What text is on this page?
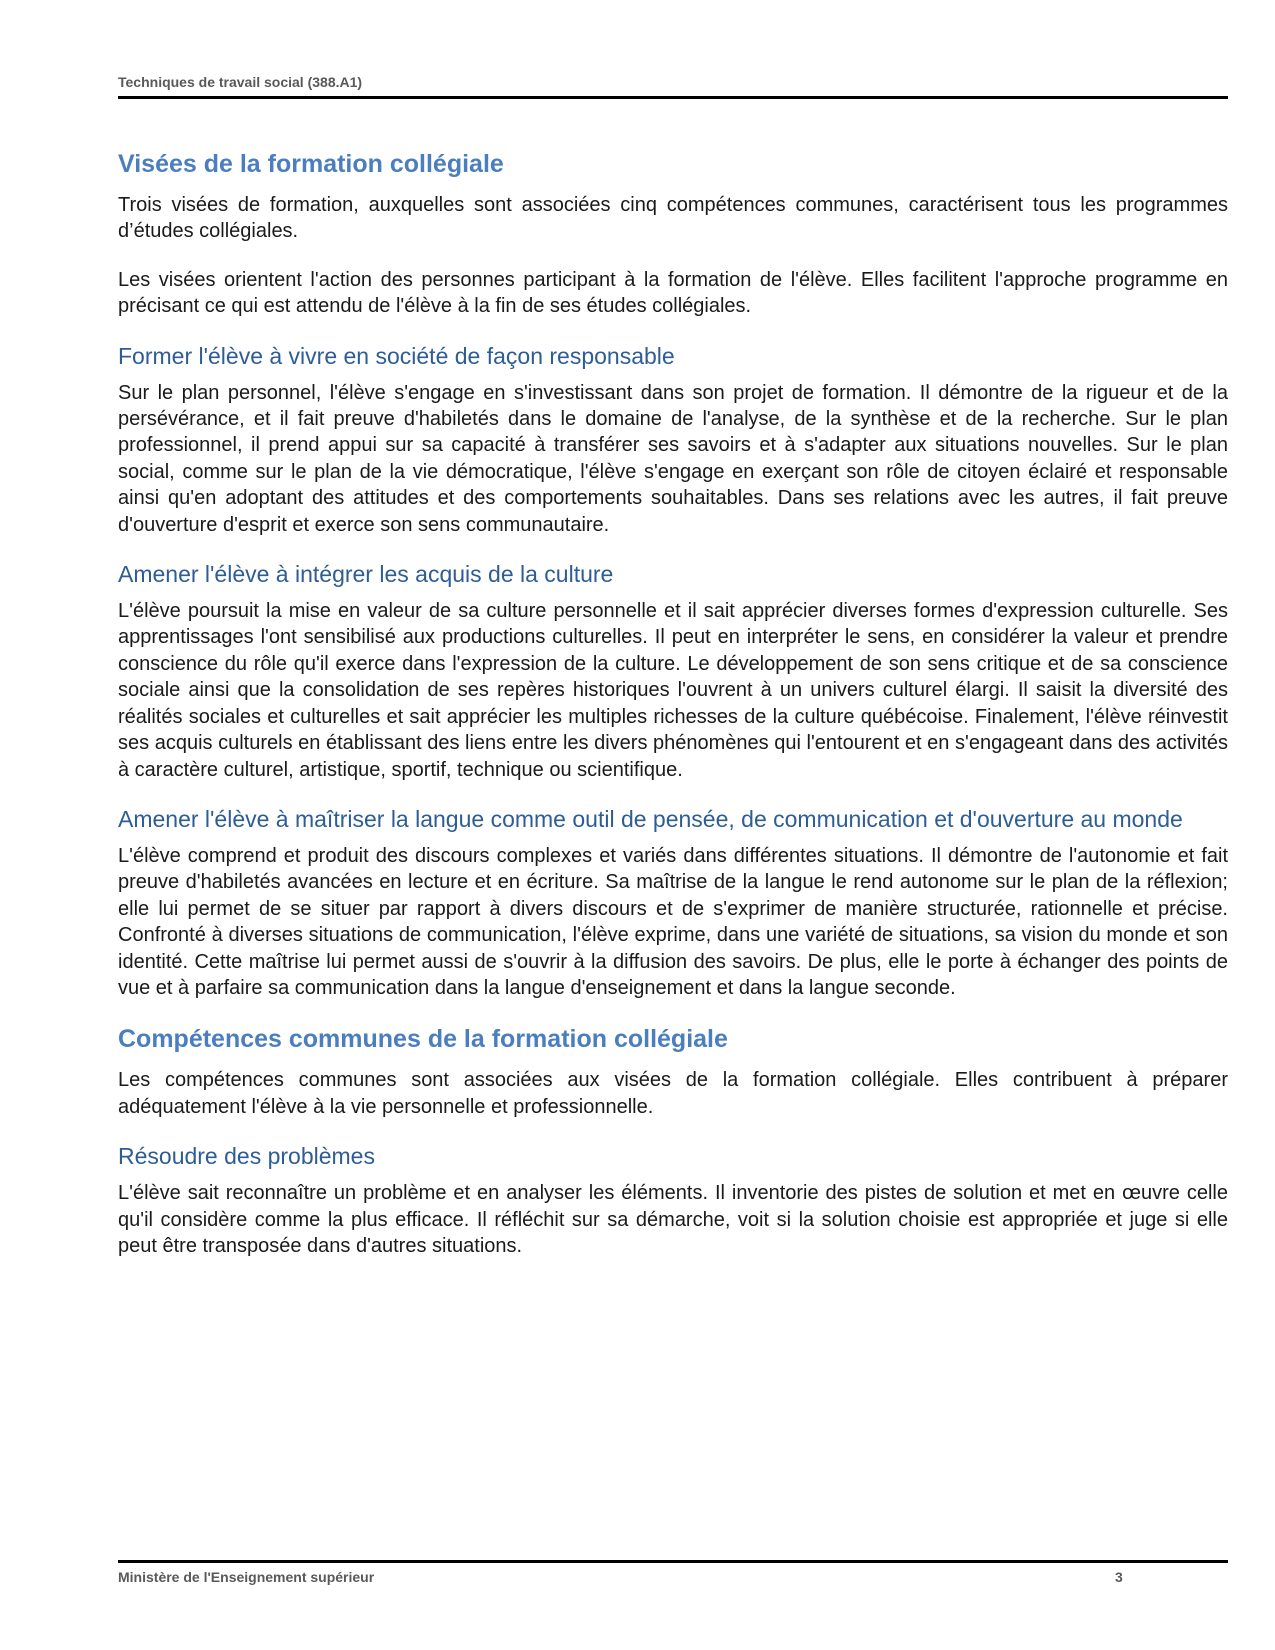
Techniques de travail social (388.A1)
Visées de la formation collégiale

Trois visées de formation, auxquelles sont associées cinq compétences communes, caractérisent tous les programmes d’études collégiales.

Les visées orientent l'action des personnes participant à la formation de l'élève. Elles facilitent l'approche programme en précisant ce qui est attendu de l'élève à la fin de ses études collégiales.

Former l'élève à vivre en société de façon responsable

Sur le plan personnel, l'élève s'engage en s'investissant dans son projet de formation. Il démontre de la rigueur et de la persévérance, et il fait preuve d'habiletés dans le domaine de l'analyse, de la synthèse et de la recherche. Sur le plan professionnel, il prend appui sur sa capacité à transférer ses savoirs et à s'adapter aux situations nouvelles. Sur le plan social, comme sur le plan de la vie démocratique, l'élève s'engage en exerçant son rôle de citoyen éclairé et responsable ainsi qu'en adoptant des attitudes et des comportements souhaitables. Dans ses relations avec les autres, il fait preuve d'ouverture d'esprit et exerce son sens communautaire.

Amener l'élève à intégrer les acquis de la culture

L'élève poursuit la mise en valeur de sa culture personnelle et il sait apprécier diverses formes d'expression culturelle. Ses apprentissages l'ont sensibilisé aux productions culturelles. Il peut en interpréter le sens, en considérer la valeur et prendre conscience du rôle qu'il exerce dans l'expression de la culture. Le développement de son sens critique et de sa conscience sociale ainsi que la consolidation de ses repères historiques l'ouvrent à un univers culturel élargi. Il saisit la diversité des réalités sociales et culturelles et sait apprécier les multiples richesses de la culture québécoise. Finalement, l'élève réinvestit ses acquis culturels en établissant des liens entre les divers phénomènes qui l'entourent et en s'engageant dans des activités à caractère culturel, artistique, sportif, technique ou scientifique.

Amener l'élève à maîtriser la langue comme outil de pensée, de communication et d'ouverture au monde

L'élève comprend et produit des discours complexes et variés dans différentes situations. Il démontre de l'autonomie et fait preuve d'habiletés avancées en lecture et en écriture. Sa maîtrise de la langue le rend autonome sur le plan de la réflexion; elle lui permet de se situer par rapport à divers discours et de s'exprimer de manière structurée, rationnelle et précise. Confronté à diverses situations de communication, l'élève exprime, dans une variété de situations, sa vision du monde et son identité. Cette maîtrise lui permet aussi de s'ouvrir à la diffusion des savoirs. De plus, elle le porte à échanger des points de vue et à parfaire sa communication dans la langue d'enseignement et dans la langue seconde.

Compétences communes de la formation collégiale

Les compétences communes sont associées aux visées de la formation collégiale. Elles contribuent à préparer adéquatement l'élève à la vie personnelle et professionnelle.

Résoudre des problèmes

L'élève sait reconnaître un problème et en analyser les éléments. Il inventorie des pistes de solution et met en œuvre celle qu'il considère comme la plus efficace. Il réfléchit sur sa démarche, voit si la solution choisie est appropriée et juge si elle peut être transposée dans d'autres situations.

Ministère de l'Enseignement supérieur	3
